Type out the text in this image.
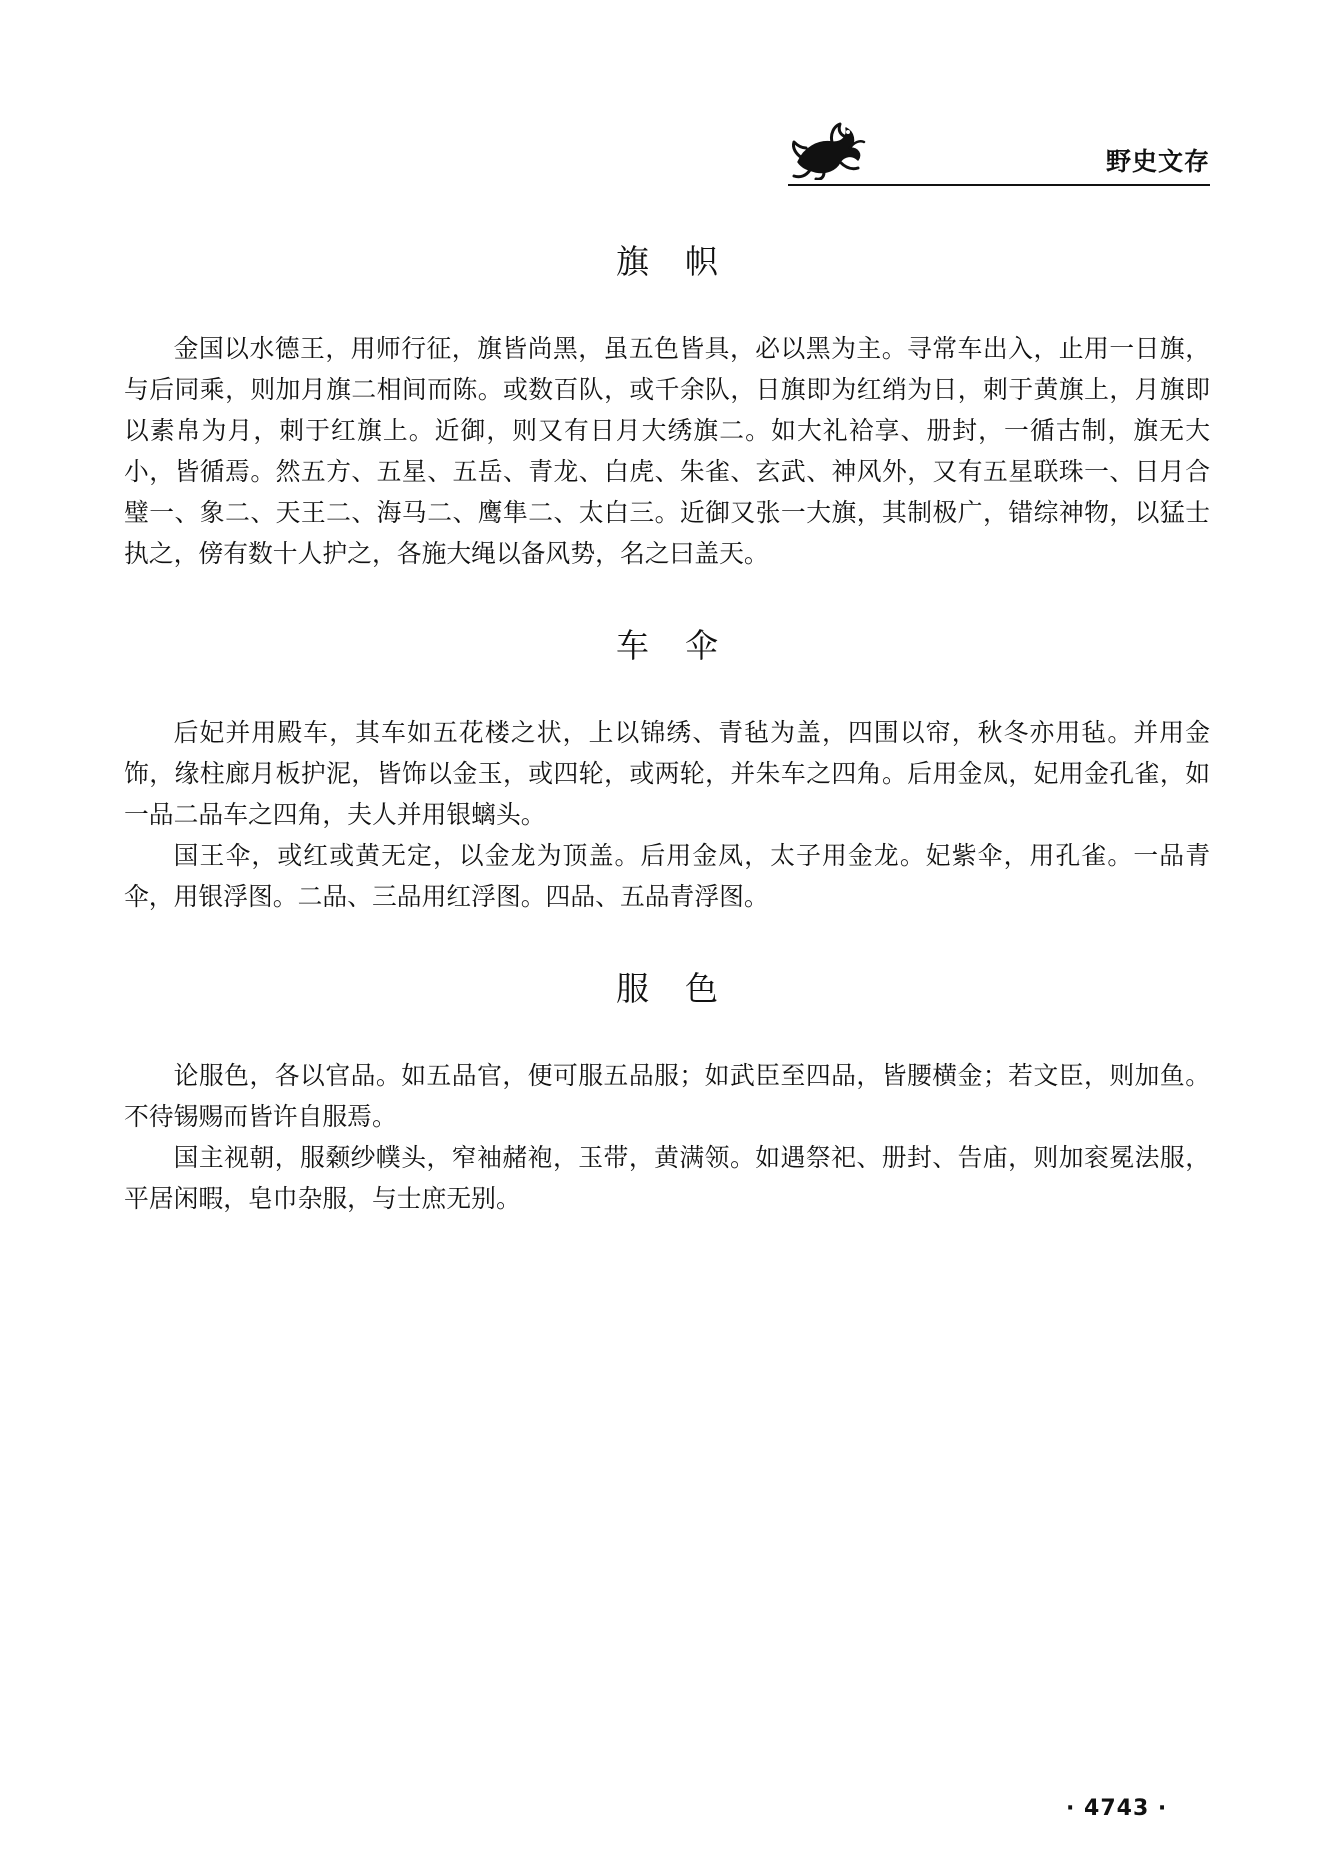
野史文存
旗帜

金国以水德王，用师行征，旗皆尚黑，虽五色皆具，必以黑为主。寻常车出入，止用一日旗，与后同乘，则加月旗二相间而陈。或数百队，或千余队，日旗即为红绡为日，刺于黄旗上，月旗即以素帛为月，刺于红旗上。近御，则又有日月大绣旗二。如大礼袷享、册封，一循古制，旗无大小，皆循焉。然五方、五星、五岳、青龙、白虎、朱雀、玄武、神风外，又有五星联珠一、日月合璧一、象二、天王二、海马二、鹰隼二、太白三。近御又张一大旗，其制极广，错综神物，以猛士执之，傍有数十人护之，各施大绳以备风势，名之曰盖天。

车伞

后妃并用殿车，其车如五花楼之状，上以锦绣、青毡为盖，四围以帘，秋冬亦用毡。并用金饰，缘柱廊月板护泥，皆饰以金玉，或四轮，或两轮，并朱车之四角。后用金凤，妃用金孔雀，如一品二品车之四角，夫人并用银螭头。

国王伞，或红或黄无定，以金龙为顶盖。后用金凤，太子用金龙。妃紫伞，用孔雀。一品青伞，用银浮图。二品、三品用红浮图。四品、五品青浮图。

服色

论服色，各以官品。如五品官，便可服五品服；如武臣至四品，皆腰横金；若文臣，则加鱼。不待锡赐而皆许自服焉。

国主视朝，服颡纱幞头，窄袖赭袍，玉带，黄满领。如遇祭祀、册封、告庙，则加衮冕法服，平居闲暇，皂巾杂服，与士庶无别。

· 4743 ·
